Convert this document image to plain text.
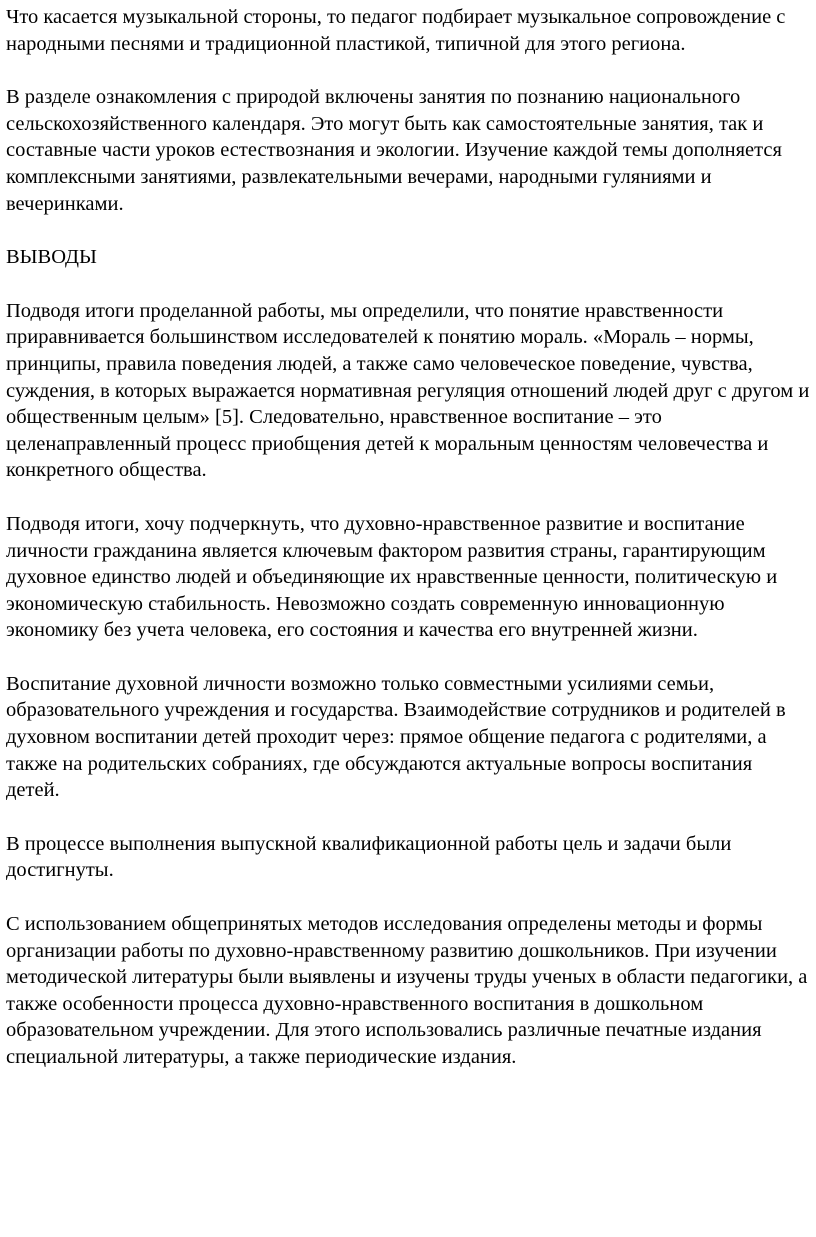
Что касается музыкальной стороны, то педагог подбирает музыкальное сопровождение с народными песнями и традиционной пластикой, типичной для этого региона.

В разделе ознакомления с природой включены занятия по познанию национального сельскохозяйственного календаря. Это могут быть как самостоятельные занятия, так и составные части уроков естествознания и экологии. Изучение каждой темы дополняется комплексными занятиями, развлекательными вечерами, народными гуляниями и вечеринками.

ВЫВОДЫ

Подводя итоги проделанной работы, мы определили, что понятие нравственности приравнивается большинством исследователей к понятию мораль. «Мораль – нормы, принципы, правила поведения людей, а также само человеческое поведение, чувства, суждения, в которых выражается нормативная регуляция отношений людей друг с другом и общественным целым» [5]. Следовательно, нравственное воспитание – это целенаправленный процесс приобщения детей к моральным ценностям человечества и конкретного общества.

Подводя итоги, хочу подчеркнуть, что духовно-нравственное развитие и воспитание личности гражданина является ключевым фактором развития страны, гарантирующим духовное единство людей и объединяющие их нравственные ценности, политическую и экономическую стабильность. Невозможно создать современную инновационную экономику без учета человека, его состояния и качества его внутренней жизни.

Воспитание духовной личности возможно только совместными усилиями семьи, образовательного учреждения и государства. Взаимодействие сотрудников и родителей в духовном воспитании детей проходит через: прямое общение педагога с родителями, а также на родительских собраниях, где обсуждаются актуальные вопросы воспитания детей.

В процессе выполнения выпускной квалификационной работы цель и задачи были достигнуты.

С использованием общепринятых методов исследования определены методы и формы организации работы по духовно-нравственному развитию дошкольников. При изучении методической литературы были выявлены и изучены труды ученых в области педагогики, а также особенности процесса духовно-нравственного воспитания в дошкольном образовательном учреждении. Для этого использовались различные печатные издания специальной литературы, а также периодические издания.
